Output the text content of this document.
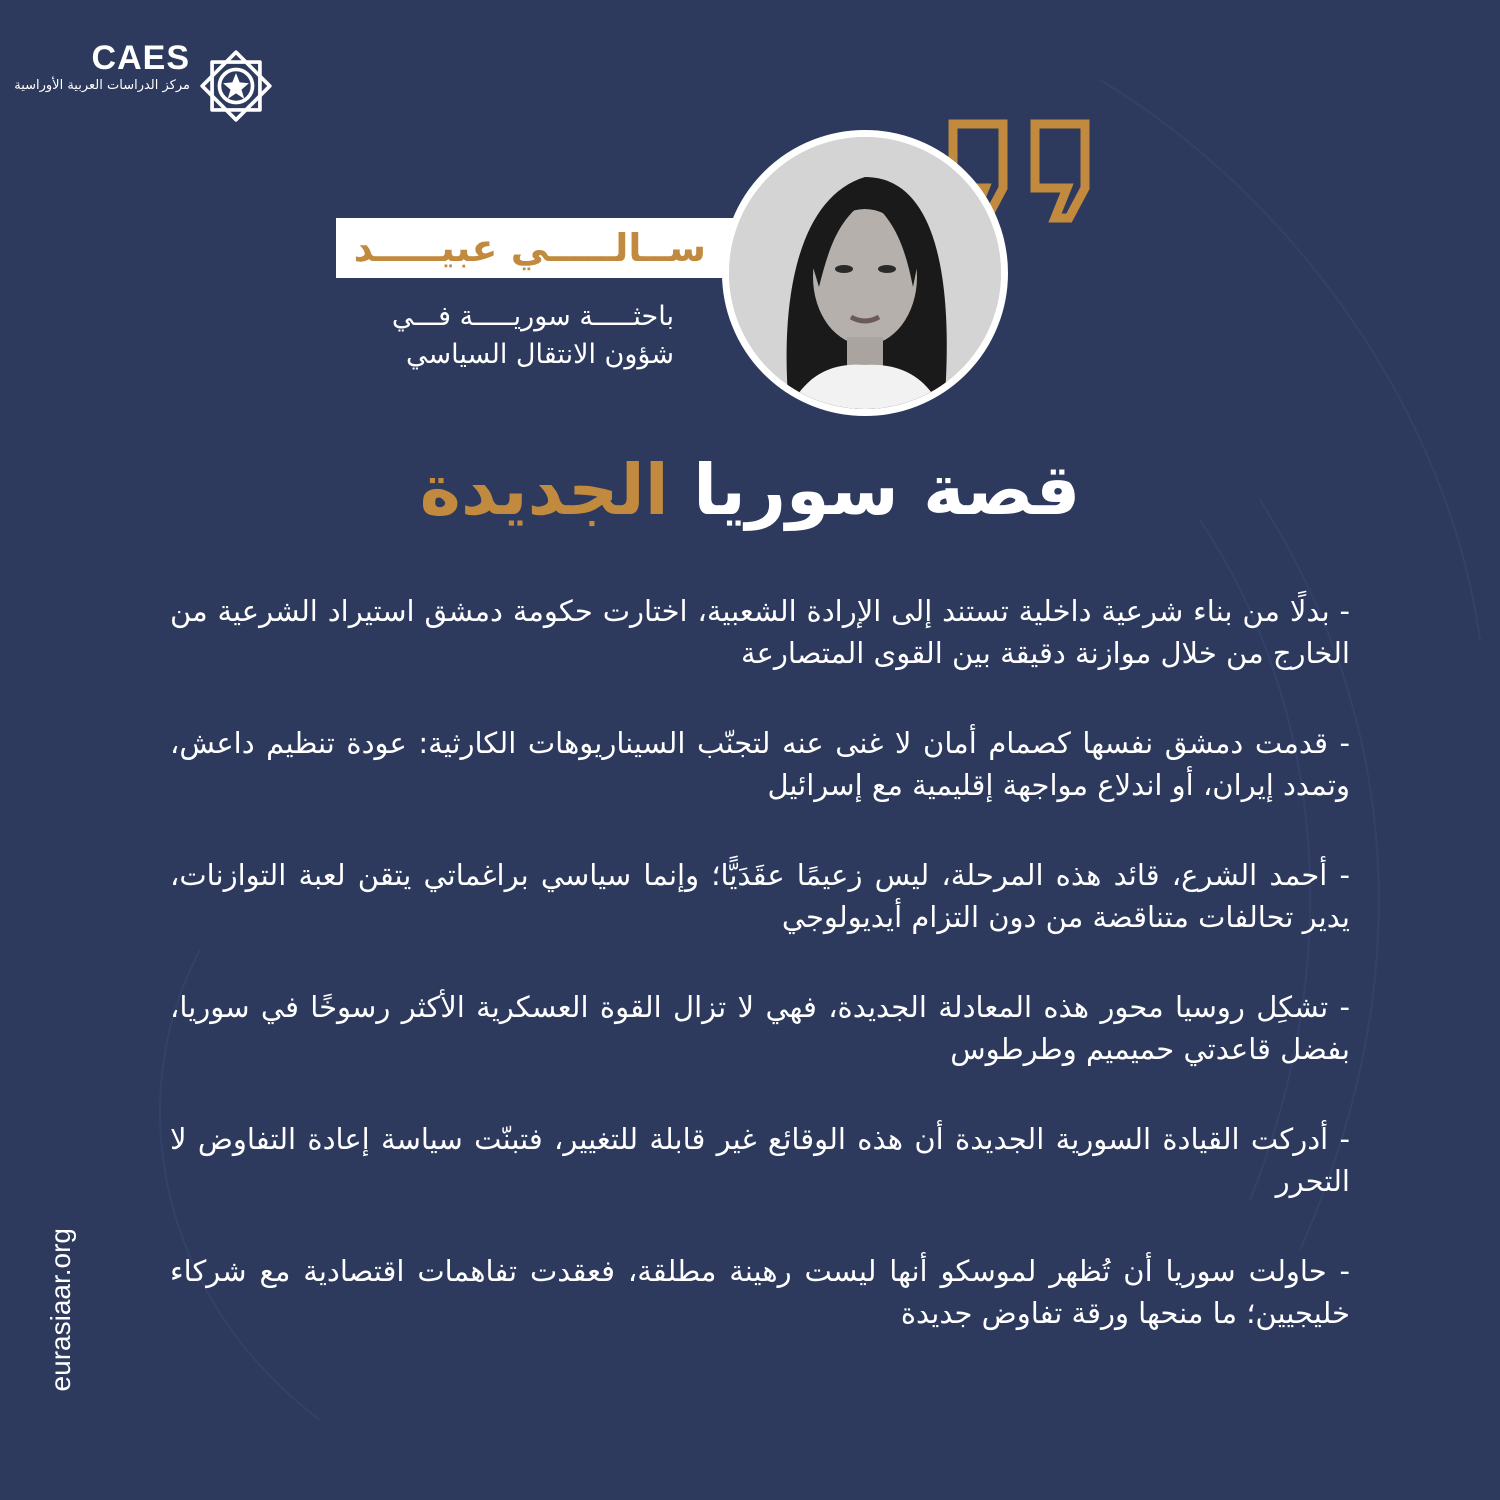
CAES
مركز الدراسات العربية الأوراسية
ســالـــــي عبيـــــد
باحثـــــة سوريـــــة فـــي
شؤون الانتقال السياسي
قصة سوريا الجديدة

- بدلًا من بناء شرعية داخلية تستند إلى الإرادة الشعبية، اختارت حكومة دمشق استيراد الشرعية من الخارج من خلال موازنة دقيقة بين القوى المتصارعة

- قدمت دمشق نفسها كصمام أمان لا غنى عنه لتجنّب السيناريوهات الكارثية: عودة تنظيم داعش، وتمدد إيران، أو اندلاع مواجهة إقليمية مع إسرائيل

- أحمد الشرع، قائد هذه المرحلة، ليس زعيمًا عقَدَيًّا؛ وإنما سياسي براغماتي يتقن لعبة التوازنات، يدير تحالفات متناقضة من دون التزام أيديولوجي

- تشكِل روسيا محور هذه المعادلة الجديدة، فهي لا تزال القوة العسكرية الأكثر رسوخًا في سوريا، بفضل قاعدتي حميميم وطرطوس

- أدركت القيادة السورية الجديدة أن هذه الوقائع غير قابلة للتغيير، فتبنّت سياسة إعادة التفاوض لا التحرر

- حاولت سوريا أن تُظهر لموسكو أنها ليست رهينة مطلقة، فعقدت تفاهمات اقتصادية مع شركاء خليجيين؛ ما منحها ورقة تفاوض جديدة

eurasiaar.org
